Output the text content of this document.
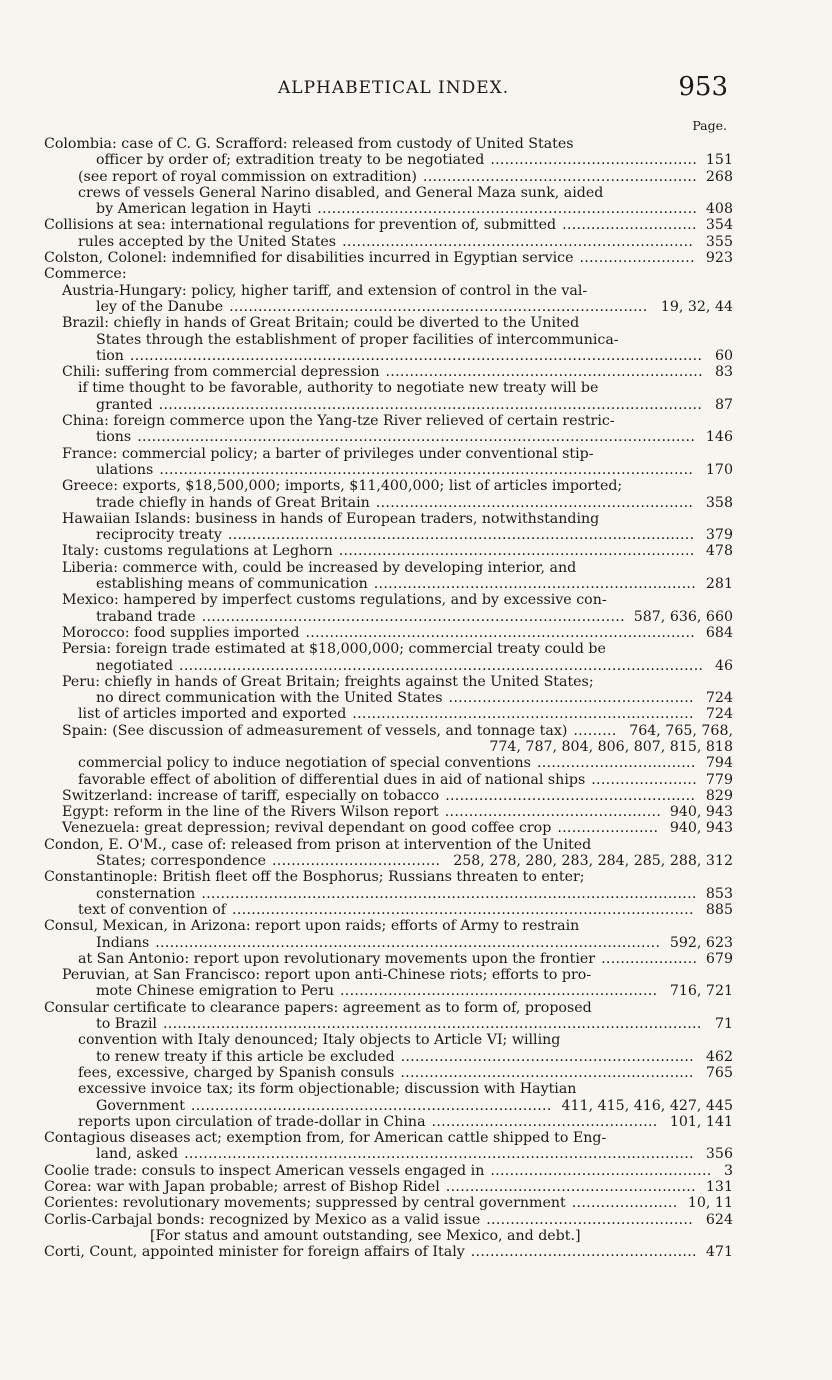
ALPHABETICAL INDEX.	953
Page.
Colombia: case of C. G. Scrafford: released from custody of United States
officer by order of; extradition treaty to be negotiated ........................................... 151
(see report of royal commission on extradition) ......................................................... 268
crews of vessels General Narino disabled, and General Maza sunk, aided
by American legation in Hayti ............................................................................... 408
Collisions at sea: international regulations for prevention of, submitted ............................ 354
rules accepted by the United States ......................................................................... 355
Colston, Colonel: indemnified for disabilities incurred in Egyptian service ........................ 923
Commerce:
Austria-Hungary: policy, higher tariff, and extension of control in the val-
ley of the Danube ....................................................................................... 19, 32, 44
Brazil: chiefly in hands of Great Britain; could be diverted to the United
States through the establishment of proper facilities of intercommunica-
tion ....................................................................................................................... 60
Chili: suffering from commercial depression .................................................................. 83
if time thought to be favorable, authority to negotiate new treaty will be
granted ................................................................................................................. 87
China: foreign commerce upon the Yang-tze River relieved of certain restric-
tions .................................................................................................................... 146
France: commercial policy; a barter of privileges under conventional stip-
ulations ............................................................................................................... 170
Greece: exports, $18,500,000; imports, $11,400,000; list of articles imported;
trade chiefly in hands of Great Britain .................................................................. 358
Hawaiian Islands: business in hands of European traders, notwithstanding
reciprocity treaty ................................................................................................. 379
Italy: customs regulations at Leghorn .......................................................................... 478
Liberia: commerce with, could be increased by developing interior, and
establishing means of communication ................................................................... 281
Mexico: hampered by imperfect customs regulations, and by excessive con-
traband trade ........................................................................................ 587, 636, 660
Morocco: food supplies imported ................................................................................. 684
Persia: foreign trade estimated at $18,000,000; commercial treaty could be
negotiated ............................................................................................................. 46
Peru: chiefly in hands of Great Britain; freights against the United States;
no direct communication with the United States ................................................... 724
list of articles imported and exported ....................................................................... 724
Spain: (See discussion of admeasurement of vessels, and tonnage tax) ......... 764, 765, 768,
774, 787, 804, 806, 807, 815, 818
commercial policy to induce negotiation of special conventions ................................. 794
favorable effect of abolition of differential dues in aid of national ships ...................... 779
Switzerland: increase of tariff, especially on tobacco .................................................... 829
Egypt: reform in the line of the Rivers Wilson report ............................................. 940, 943
Venezuela: great depression; revival dependant on good coffee crop ..................... 940, 943
Condon, E. O'M., case of: released from prison at intervention of the United
States; correspondence ................................... 258, 278, 280, 283, 284, 285, 288, 312
Constantinople: British fleet off the Bosphorus; Russians threaten to enter;
consternation ....................................................................................................... 853
text of convention of ................................................................................................ 885
Consul, Mexican, in Arizona: report upon raids; efforts of Army to restrain
Indians ......................................................................................................... 592, 623
at San Antonio: report upon revolutionary movements upon the frontier .................... 679
Peruvian, at San Francisco: report upon anti-Chinese riots; efforts to pro-
mote Chinese emigration to Peru .................................................................. 716, 721
Consular certificate to clearance papers: agreement as to form of, proposed
to Brazil ................................................................................................................ 71
convention with Italy denounced; Italy objects to Article VI; willing
to renew treaty if this article be excluded ............................................................. 462
fees, excessive, charged by Spanish consuls ............................................................. 765
excessive invoice tax; its form objectionable; discussion with Haytian
Government ........................................................................... 411, 415, 416, 427, 445
reports upon circulation of trade-dollar in China ............................................... 101, 141
Contagious diseases act; exemption from, for American cattle shipped to Eng-
land, asked .......................................................................................................... 356
Coolie trade: consuls to inspect American vessels engaged in .............................................. 3
Corea: war with Japan probable; arrest of Bishop Ridel .................................................... 131
Corientes: revolutionary movements; suppressed by central government ...................... 10, 11
Corlis-Carbajal bonds: recognized by Mexico as a valid issue ........................................... 624
[For status and amount outstanding, see Mexico, and debt.]
Corti, Count, appointed minister for foreign affairs of Italy ............................................... 471
